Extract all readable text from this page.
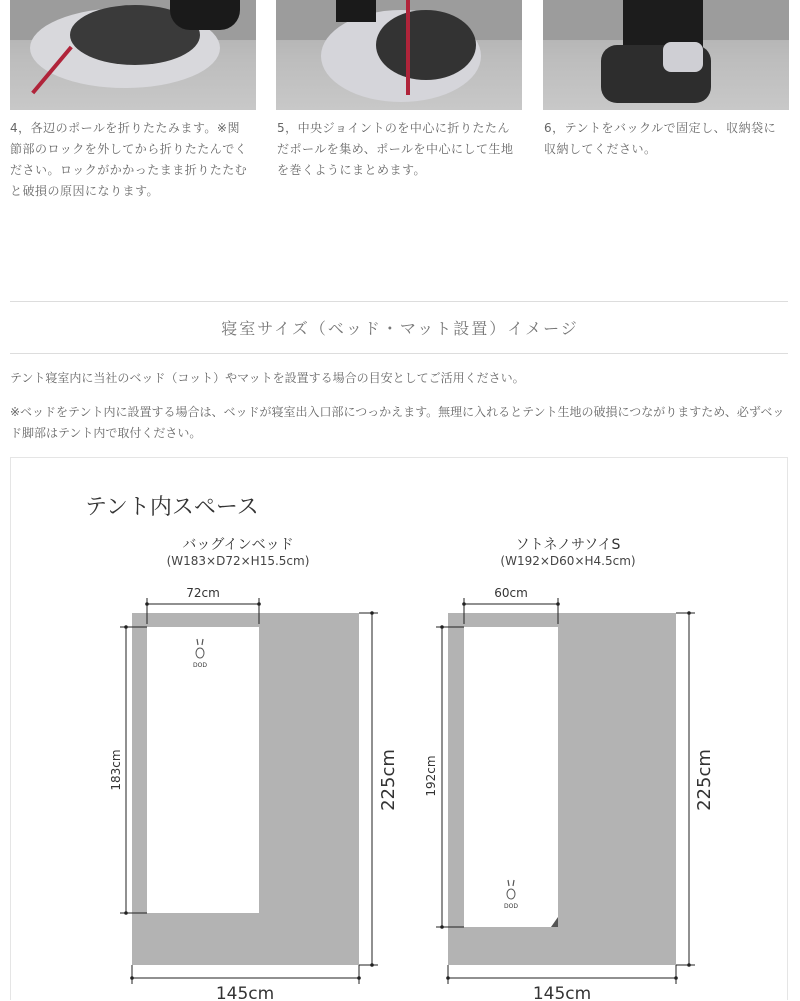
4，各辺のポールを折りたたみます。※関節部のロックを外してから折りたたんでください。ロックがかかったまま折りたたむと破損の原因になります。
5，中央ジョイントのを中心に折りたたんだポールを集め、ポールを中心にして生地を巻くようにまとめます。
6，テントをバックルで固定し、収納袋に収納してください。
寝室サイズ（ベッド・マット設置）イメージ
テント寝室内に当社のベッド（コット）やマットを設置する場合の目安としてご活用ください。
※ベッドをテント内に設置する場合は、ベッドが寝室出入口部につっかえます。無理に入れるとテント生地の破損につながりますため、必ずベッド脚部はテント内で取付ください。
テント内スペース
バッグインベッド
(W183×D72×H15.5cm)
ソトネノサソイS
(W192×D60×H4.5cm)
DOD
72cm
183cm	225cm
145cm
DOD
60cm
192cm	225cm
145cm
